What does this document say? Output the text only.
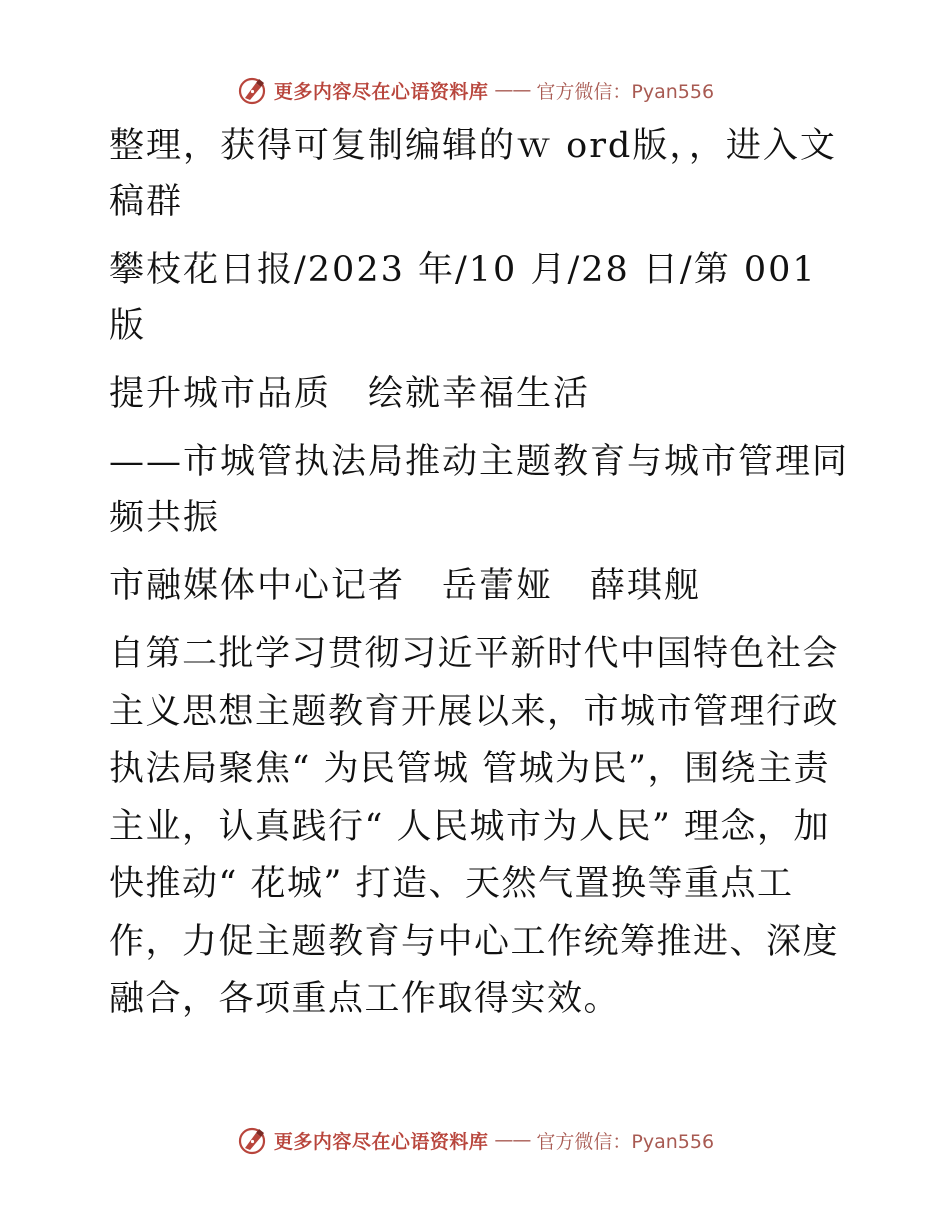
更多内容尽在心语资料库 —— 官方微信：Pyan556

整理，获得可复制编辑的ｗ ord版，，进入文稿群

攀枝花日报/2023 年/10 月/28 日/第 001 版

提升城市品质　绘就幸福生活

——市城管执法局推动主题教育与城市管理同频共振

市融媒体中心记者　岳蕾娅　薛琪舰

自第二批学习贯彻习近平新时代中国特色社会主义思想主题教育开展以来，市城市管理行政执法局聚焦“ 为民管城 管城为民”，围绕主责主业，认真践行“ 人民城市为人民” 理念，加快推动“ 花城” 打造、天然气置换等重点工作，力促主题教育与中心工作统筹推进、深度融合，各项重点工作取得实效。

更多内容尽在心语资料库 —— 官方微信：Pyan556
